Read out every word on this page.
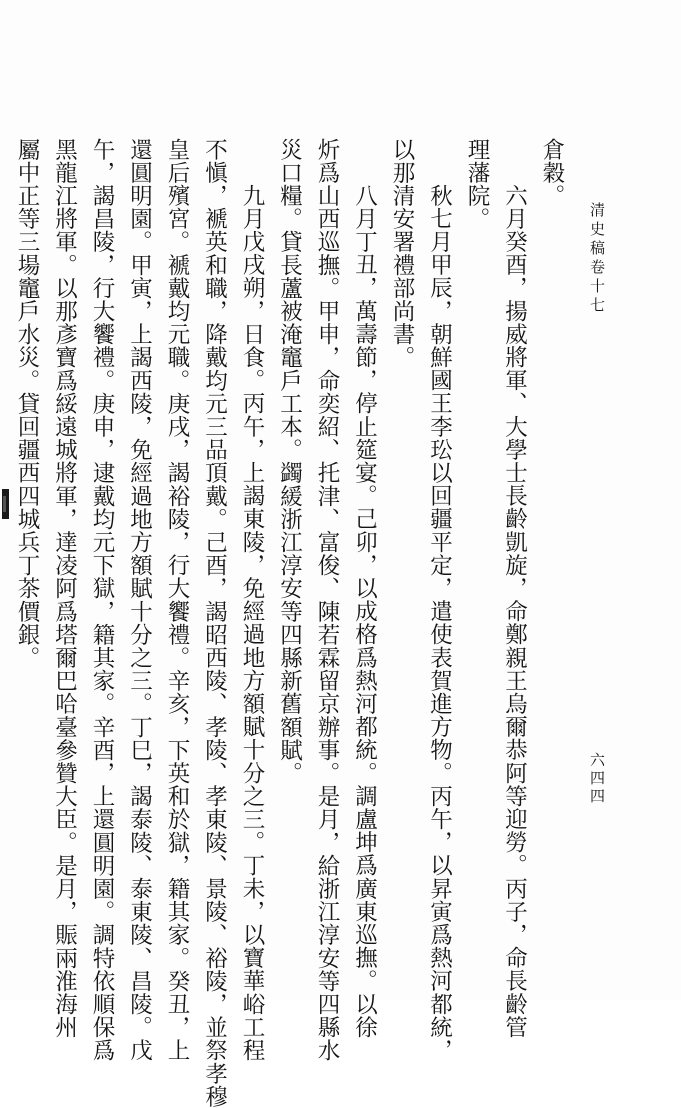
清史稿卷十七
六四四
倉穀。
六月癸酉，揚威將軍、大學士長齡凱旋，命鄭親王烏爾恭阿等迎勞。丙子，命長齡管
理藩院。
秋七月甲辰，朝鮮國王李玜以回疆平定，遣使表賀進方物。丙午，以昇寅爲熱河都統，
以那清安署禮部尚書。
八月丁丑，萬壽節，停止筵宴。己卯，以成格爲熱河都統。調盧坤爲廣東巡撫。以徐
炘爲山西巡撫。甲申，命奕紹、托津、富俊、陳若霖留京辦事。是月，給浙江淳安等四縣水
災口糧。貸長蘆被淹竈戶工本。蠲緩浙江淳安等四縣新舊額賦。
九月戊戌朔，日食。丙午，上謁東陵，免經過地方額賦十分之三。丁未，以寶華峪工程
不愼，褫英和職，降戴均元三品頂戴。己酉，謁昭西陵、孝陵、孝東陵、景陵、裕陵，並祭孝穆
皇后殯宮。褫戴均元職。庚戌，謁裕陵，行大饗禮。辛亥，下英和於獄，籍其家。癸丑，上
還圓明園。甲寅，上謁西陵，免經過地方額賦十分之三。丁巳，謁泰陵、泰東陵、昌陵。戊
午，謁昌陵，行大饗禮。庚申，逮戴均元下獄，籍其家。辛酉，上還圓明園。調特依順保爲
黑龍江將軍。以那彥寶爲綏遠城將軍，達凌阿爲塔爾巴哈臺參贊大臣。是月，賑兩淮海州
屬中正等三場竈戶水災。貸回疆西四城兵丁茶價銀。
